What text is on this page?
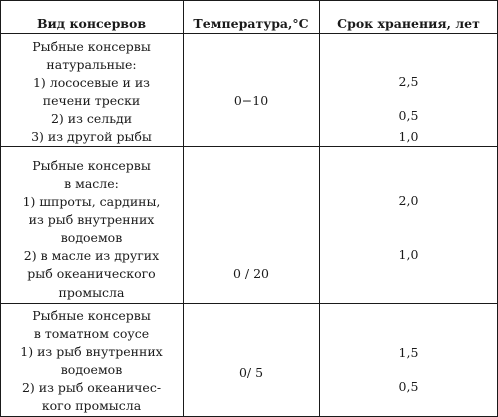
Вид консервов	Температура,°С	Срок хранения, лет
Рыбные консервы
натуральные:
1) лососевые и из
печени трески
2) из сельди
3) из другой рыбы
0−10
2,5
0,5
1,0
Рыбные консервы
в масле:
1) шпроты, сардины,
из рыб внутренних
водоемов
2) в масле из других
рыб океанического
промысла
0 / 20
2,0
1,0
Рыбные консервы
в томатном соусе
1) из рыб внутренних
водоемов
2) из рыб океаничес-
кого промысла
0/ 5
1,5
0,5
